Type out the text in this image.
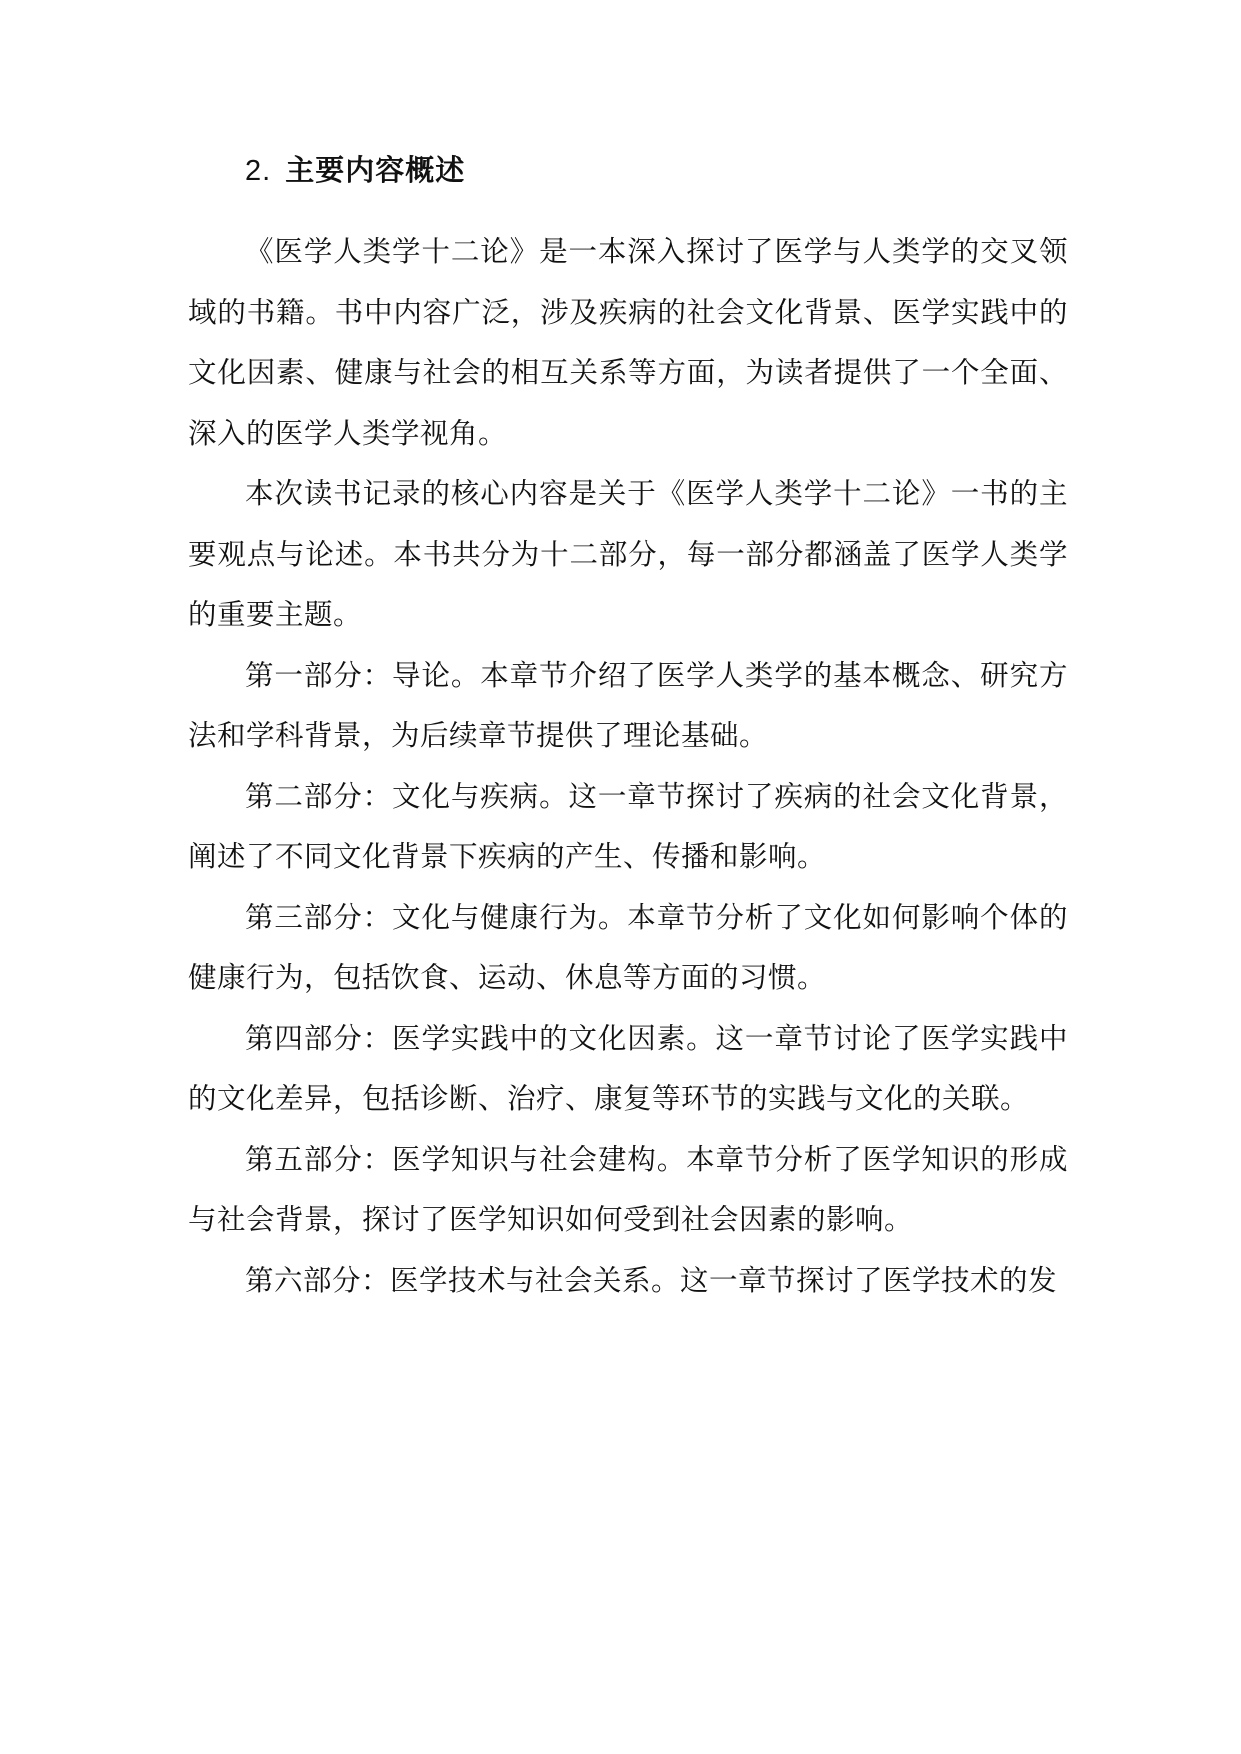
2. 主要内容概述

《医学人类学十二论》是一本深入探讨了医学与人类学的交叉领域的书籍。书中内容广泛，涉及疾病的社会文化背景、医学实践中的文化因素、健康与社会的相互关系等方面，为读者提供了一个全面、深入的医学人类学视角。

本次读书记录的核心内容是关于《医学人类学十二论》一书的主要观点与论述。本书共分为十二部分，每一部分都涵盖了医学人类学的重要主题。

第一部分：导论。本章节介绍了医学人类学的基本概念、研究方法和学科背景，为后续章节提供了理论基础。

第二部分：文化与疾病。这一章节探讨了疾病的社会文化背景，阐述了不同文化背景下疾病的产生、传播和影响。

第三部分：文化与健康行为。本章节分析了文化如何影响个体的健康行为，包括饮食、运动、休息等方面的习惯。

第四部分：医学实践中的文化因素。这一章节讨论了医学实践中的文化差异，包括诊断、治疗、康复等环节的实践与文化的关联。

第五部分：医学知识与社会建构。本章节分析了医学知识的形成与社会背景，探讨了医学知识如何受到社会因素的影响。

第六部分：医学技术与社会关系。这一章节探讨了医学技术的发
